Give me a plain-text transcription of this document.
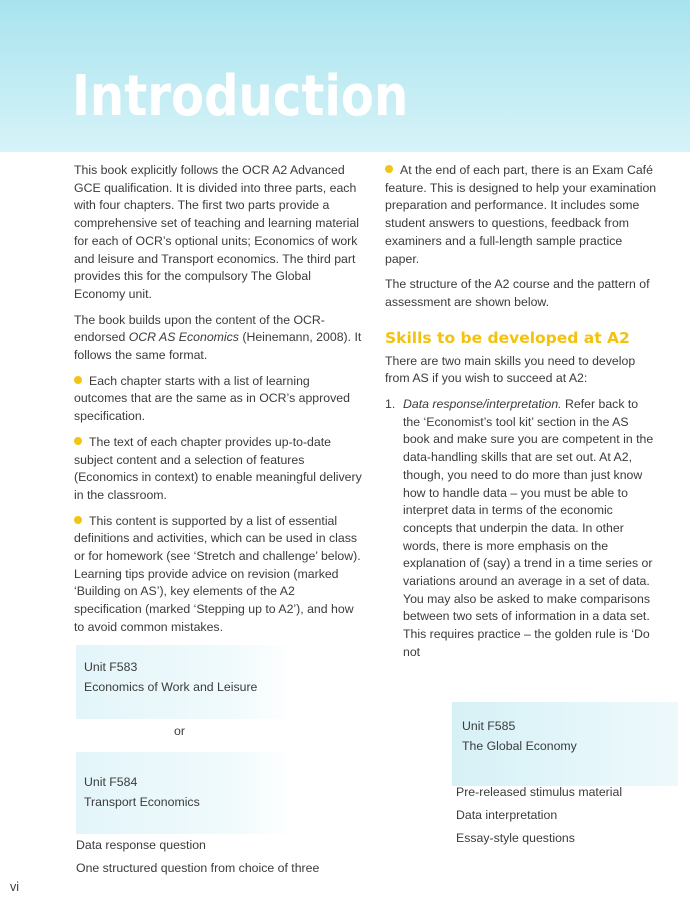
Introduction

This book explicitly follows the OCR A2 Advanced GCE qualification. It is divided into three parts, each with four chapters. The first two parts provide a comprehensive set of teaching and learning material for each of OCR’s optional units; Economics of work and leisure and Transport economics. The third part provides this for the compulsory The Global Economy unit.

The book builds upon the content of the OCR-endorsed OCR AS Economics (Heinemann, 2008). It follows the same format.

Each chapter starts with a list of learning outcomes that are the same as in OCR’s approved specification.

The text of each chapter provides up-to-date subject content and a selection of features (Economics in context) to enable meaningful delivery in the classroom.

This content is supported by a list of essential definitions and activities, which can be used in class or for homework (see ‘Stretch and challenge’ below). Learning tips provide advice on revision (marked ‘Building on AS’), key elements of the A2 specification (marked ‘Stepping up to A2’), and how to avoid common mistakes.

At the end of each part, there is an Exam Café feature. This is designed to help your examination preparation and performance. It includes some student answers to questions, feedback from examiners and a full-length sample practice paper.

The structure of the A2 course and the pattern of assessment are shown below.

Skills to be developed at A2

There are two main skills you need to develop from AS if you wish to succeed at A2:

1. Data response/interpretation. Refer back to the ‘Economist’s tool kit’ section in the AS book and make sure you are competent in the data-handling skills that are set out. At A2, though, you need to do more than just know how to handle data – you must be able to interpret data in terms of the economic concepts that underpin the data. In other words, there is more emphasis on the explanation of (say) a trend in a time series or variations around an average in a set of data. You may also be asked to make comparisons between two sets of information in a data set. This requires practice – the golden rule is ‘Do not
Unit F583
Economics of Work and Leisure
or
Unit F584
Transport Economics
Data response question
One structured question from choice of three
Unit F585
The Global Economy
Pre-released stimulus material
Data interpretation
Essay-style questions
vi
